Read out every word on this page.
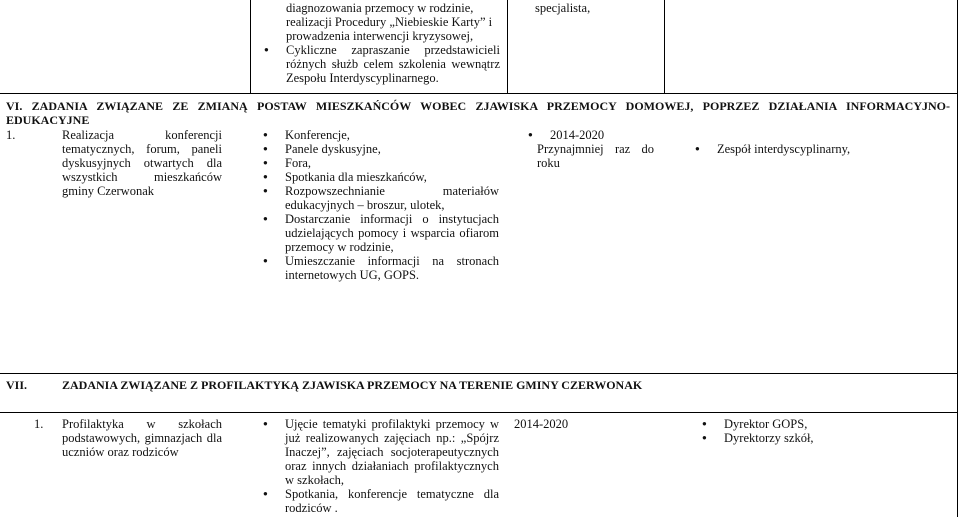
diagnozowania przemocy w rodzinie,
realizacji Procedury „Niebieskie Karty” i
prowadzenia interwencji kryzysowej,
● Cykliczne zapraszanie przedstawicieli różnych służb celem szkolenia wewnątrz Zespołu Interdyscyplinarnego.
specjalista,
VI. ZADANIA ZWIĄZANE ZE ZMIANĄ POSTAW MIESZKAŃCÓW WOBEC ZJAWISKA PRZEMOCY DOMOWEJ, POPRZEZ DZIAŁANIA INFORMACYJNO-EDUKACYJNE
1.	Realizacja konferencji tematycznych, forum, paneli dyskusyjnych otwartych dla wszystkich mieszkańców gminy Czerwonak
● Konferencje,
● Panele dyskusyjne,
● Fora,
● Spotkania dla mieszkańców,
● Rozpowszechnianie materiałów edukacyjnych – broszur, ulotek,
● Dostarczanie informacji o instytucjach udzielających pomocy i wsparcia ofiarom przemocy w rodzinie,
● Umieszczanie informacji na stronach internetowych UG, GOPS.
● 2014-2020
Przynajmniej raz do roku
● Zespół interdyscyplinarny,
VII.	ZADANIA ZWIĄZANE Z PROFILAKTYKĄ ZJAWISKA PRZEMOCY NA TERENIE GMINY CZERWONAK
1. Profilaktyka w szkołach podstawowych, gimnazjach dla uczniów oraz rodziców
● Ujęcie tematyki profilaktyki przemocy w już realizowanych zajęciach np.: „Spójrz Inaczej”, zajęciach socjoterapeutycznych oraz innych działaniach profilaktycznych w szkołach,
● Spotkania, konferencje tematyczne dla rodziców .
2014-2020
●	Dyrektor GOPS,
● Dyrektorzy szkół,
